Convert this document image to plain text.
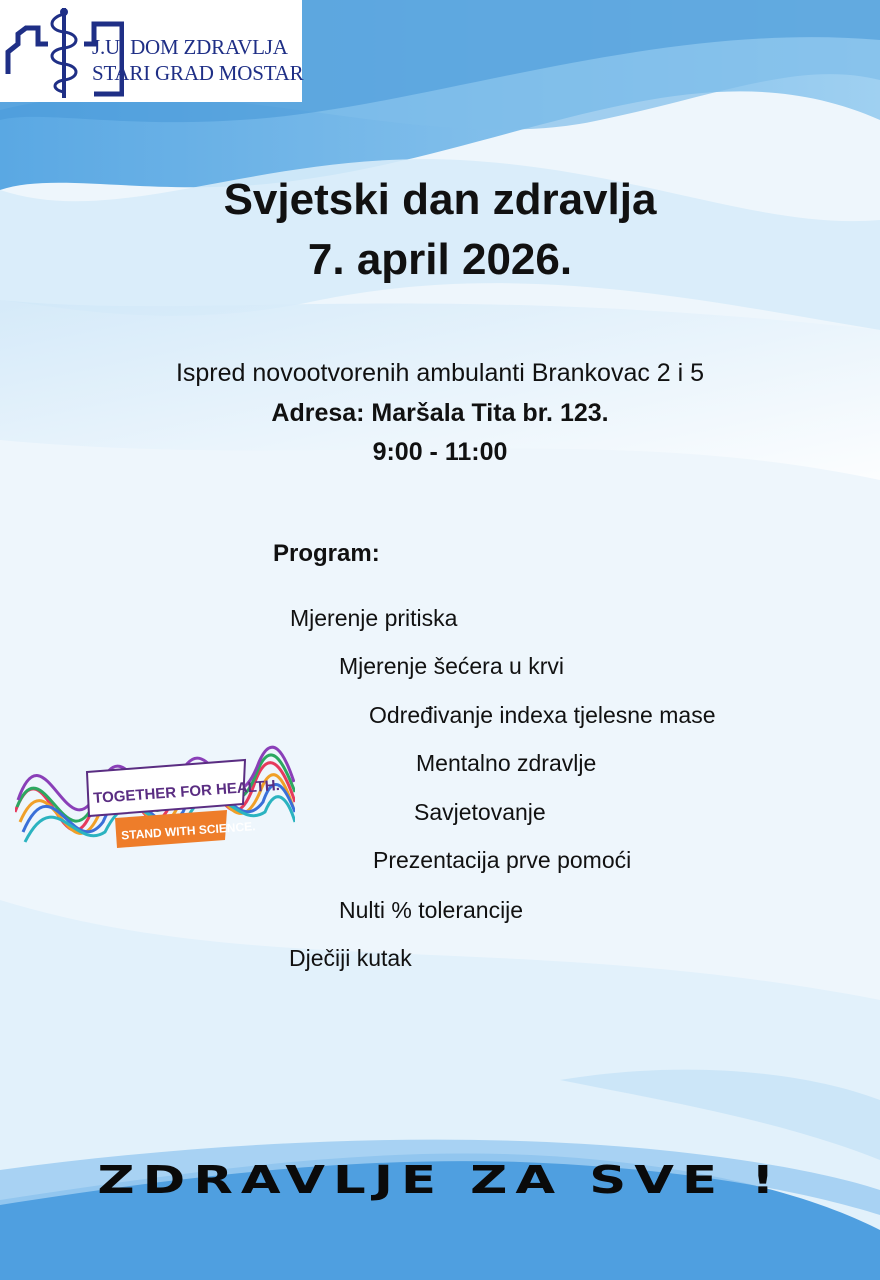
J.U. DOM ZDRAVLJA
STARI GRAD MOSTAR
Svjetski dan zdravlja
7. april 2026.
Ispred novootvorenih ambulanti Brankovac 2 i 5
Adresa: Maršala Tita br. 123.
9:00 - 11:00
Program:
Mjerenje pritiska
Mjerenje šećera u krvi
Određivanje indexa tjelesne mase
Mentalno zdravlje
Savjetovanje
Prezentacija prve pomoći
Nulti % tolerancije
Dječiji kutak
TOGETHER FOR HEALTH.
STAND WITH SCIENCE.
ZDRAVLJE ZA SVE !
